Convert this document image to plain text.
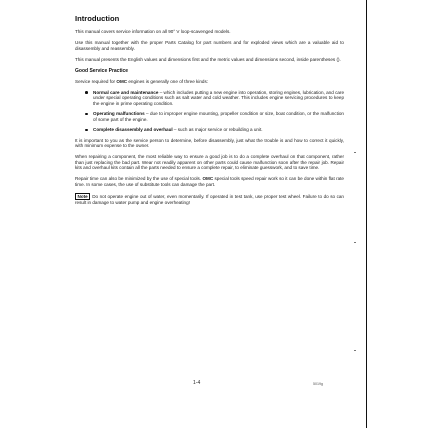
Introduction

This manual covers service information on all 90° V loop-scavenged models.

Use this manual together with the proper Parts Catalog for part numbers and for exploded views which are a valuable aid to disassembly and reassembly.

This manual presents the English values and dimensions first and the metric values and dimensions second, inside parentheses ().

Good Service Practice

Service required for OMC engines is generally one of three kinds:

Normal care and maintenance – which includes putting a new engine into operation, storing engines, lubrication, and care under special operating conditions such as salt water and cold weather. This includes engine servicing procedures to keep the engine in prime operating condition.
Operating malfunctions – due to improper engine mounting, propeller condition or size, boat condition, or the malfunction of some part of the engine.
Complete disassembly and overhaul – such as major service or rebuilding a unit.

It is important to you as the service person to determine, before disassembly, just what the trouble is and how to correct it quickly, with minimum expense to the owner.

When repairing a component, the most reliable way to ensure a good job is to do a complete overhaul on that component, rather than just replacing the bad part. Wear not readily apparent on other parts could cause malfunction soon after the repair job. Repair kits and overhaul kits contain all the parts needed to ensure a complete repair, to eliminate guesswork, and to save time.

Repair time can also be minimized by the use of special tools. OMC special tools speed repair work so it can be done within flat rate time. In some cases, the use of substitute tools can damage the part.

Note Do not operate engine out of water, even momentarily. If operated in test tank, use proper test wheel. Failure to do so can result in damage to water pump and engine overheating!

1-4	5019g
